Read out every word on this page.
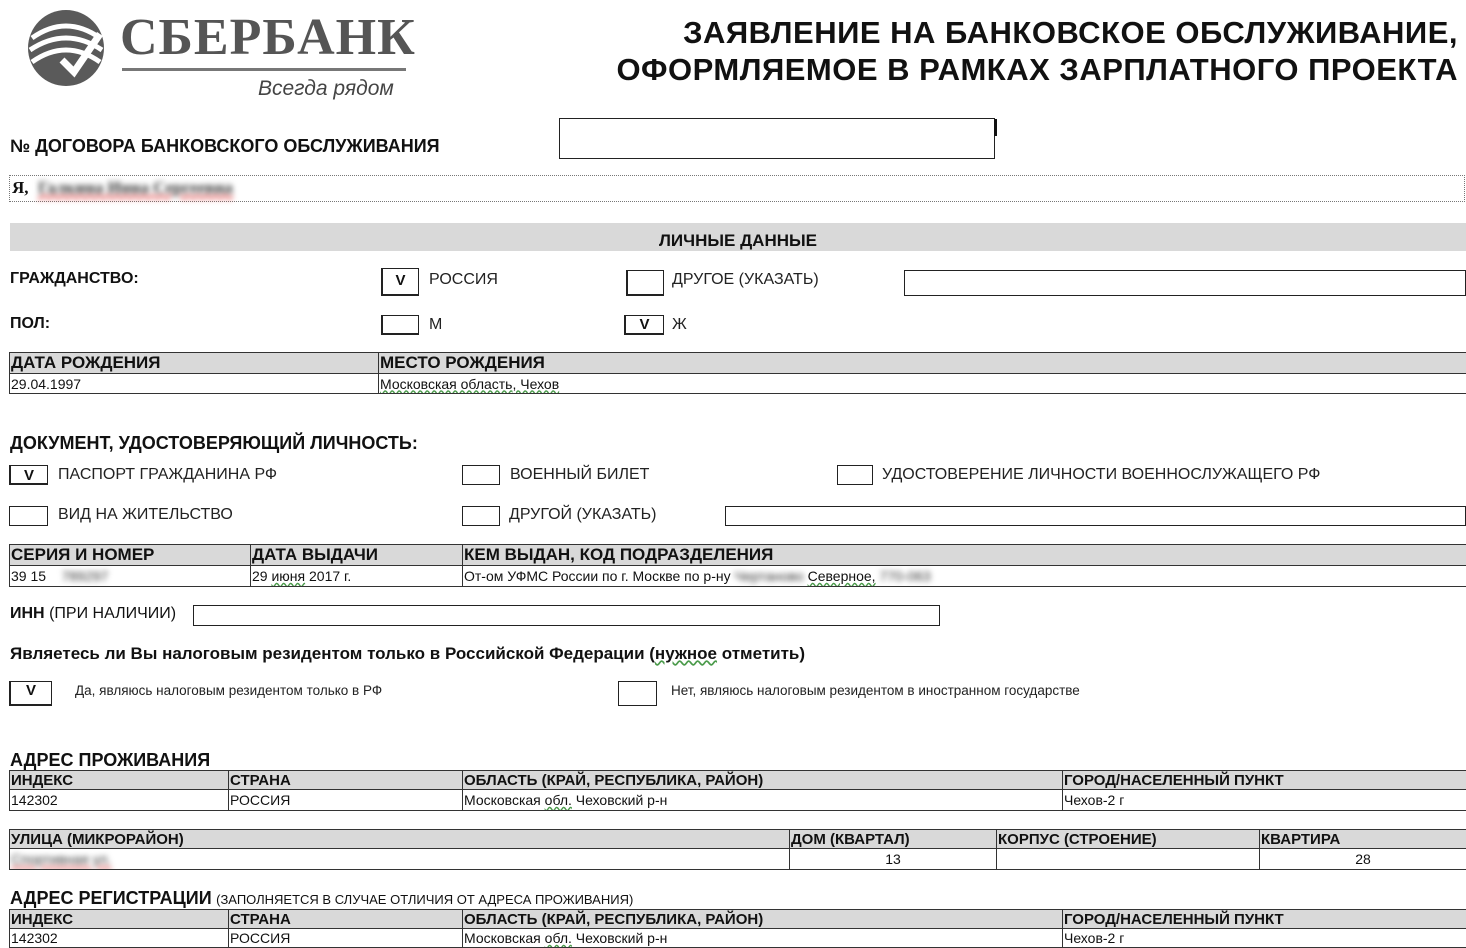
СБЕРБАНК
Всегда рядом
ЗАЯВЛЕНИЕ НА БАНКОВСКОЕ ОБСЛУЖИВАНИЕ,
ОФОРМЛЯЕМОЕ В РАМКАХ ЗАРПЛАТНОГО ПРОЕКТА
№ ДОГОВОРА БАНКОВСКОГО ОБСЛУЖИВАНИЯ
Я, Галкина Инна Сергеевна
ЛИЧНЫЕ ДАННЫЕ
ГРАЖДАНСТВО:	V	РОССИЯ	ДРУГОЕ (УКАЗАТЬ)
ПОЛ:	М	V	Ж
ДАТА РОЖДЕНИЯ	МЕСТО РОЖДЕНИЯ
29.04.1997	Московская область, Чехов
ДОКУМЕНТ, УДОСТОВЕРЯЮЩИЙ ЛИЧНОСТЬ:
V	ПАСПОРТ ГРАЖДАНИНА РФ	ВОЕННЫЙ БИЛЕТ	УДОСТОВЕРЕНИЕ ЛИЧНОСТИ ВОЕННОСЛУЖАЩЕГО РФ
ВИД НА ЖИТЕЛЬСТВО	ДРУГОЙ (УКАЗАТЬ)
СЕРИЯ И НОМЕР	ДАТА ВЫДАЧИ	КЕМ ВЫДАН, КОД ПОДРАЗДЕЛЕНИЯ
39 15 789297	29 июня 2017 г.	От-ом УФМС России по г. Москве по р-ну Чертаново Северное, 770-063
ИНН (ПРИ НАЛИЧИИ)
Являетесь ли Вы налоговым резидентом только в Российской Федерации (нужное отметить)
V	Да, являюсь налоговым резидентом только в РФ	Нет, являюсь налоговым резидентом в иностранном государстве
АДРЕС ПРОЖИВАНИЯ
ИНДЕКС	СТРАНА	ОБЛАСТЬ (КРАЙ, РЕСПУБЛИКА, РАЙОН)	ГОРОД/НАСЕЛЕННЫЙ ПУНКТ
142302	РОССИЯ	Московская обл. Чеховский р-н	Чехов-2 г
УЛИЦА (МИКРОРАЙОН)	ДОМ (КВАРТАЛ)	КОРПУС (СТРОЕНИЕ)	КВАРТИРА
Спортивная ул.	13		28
АДРЕС РЕГИСТРАЦИИ (ЗАПОЛНЯЕТСЯ В СЛУЧАЕ ОТЛИЧИЯ ОТ АДРЕСА ПРОЖИВАНИЯ)
ИНДЕКС	СТРАНА	ОБЛАСТЬ (КРАЙ, РЕСПУБЛИКА, РАЙОН)	ГОРОД/НАСЕЛЕННЫЙ ПУНКТ
142302	РОССИЯ	Московская обл. Чеховский р-н	Чехов-2 г
